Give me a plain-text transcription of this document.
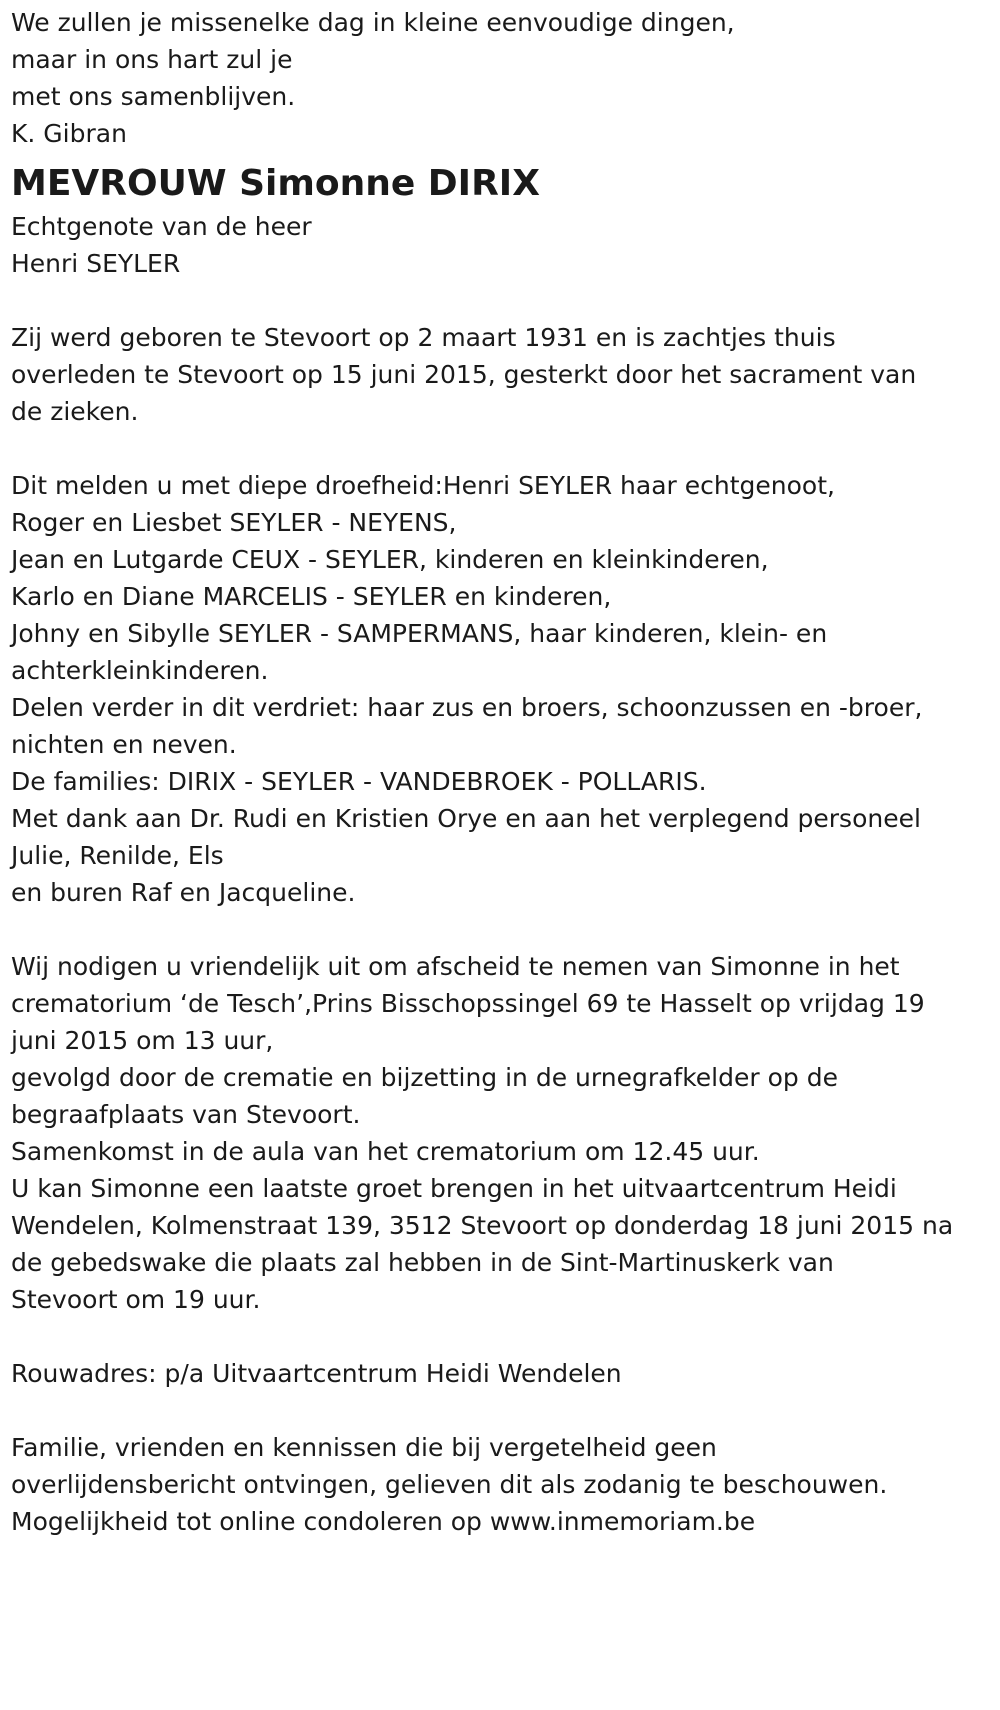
We zullen je missenelke dag in kleine eenvoudige dingen,
maar in ons hart zul je
met ons samenblijven.
K. Gibran
MEVROUW Simonne DIRIX
Echtgenote van de heer
Henri SEYLER
Zij werd geboren te Stevoort op 2 maart 1931 en is zachtjes thuis
overleden te Stevoort op 15 juni 2015, gesterkt door het sacrament van
de zieken.
Dit melden u met diepe droefheid:Henri SEYLER haar echtgenoot,
Roger en Liesbet SEYLER - NEYENS,
Jean en Lutgarde CEUX - SEYLER, kinderen en kleinkinderen,
Karlo en Diane MARCELIS - SEYLER en kinderen,
Johny en Sibylle SEYLER - SAMPERMANS, haar kinderen, klein- en
achterkleinkinderen.
Delen verder in dit verdriet: haar zus en broers, schoonzussen en -broer,
nichten en neven.
De families: DIRIX - SEYLER - VANDEBROEK - POLLARIS.
Met dank aan Dr. Rudi en Kristien Orye en aan het verplegend personeel
Julie, Renilde, Els
en buren Raf en Jacqueline.
Wij nodigen u vriendelijk uit om afscheid te nemen van Simonne in het
crematorium ‘de Tesch’,Prins Bisschopssingel 69 te Hasselt op vrijdag 19
juni 2015 om 13 uur,
gevolgd door de crematie en bijzetting in de urnegrafkelder op de
begraafplaats van Stevoort.
Samenkomst in de aula van het crematorium om 12.45 uur.
U kan Simonne een laatste groet brengen in het uitvaartcentrum Heidi
Wendelen, Kolmenstraat 139, 3512 Stevoort op donderdag 18 juni 2015 na
de gebedswake die plaats zal hebben in de Sint-Martinuskerk van
Stevoort om 19 uur.
Rouwadres: p/a Uitvaartcentrum Heidi Wendelen
Familie, vrienden en kennissen die bij vergetelheid geen
overlijdensbericht ontvingen, gelieven dit als zodanig te beschouwen.
Mogelijkheid tot online condoleren op www.inmemoriam.be
